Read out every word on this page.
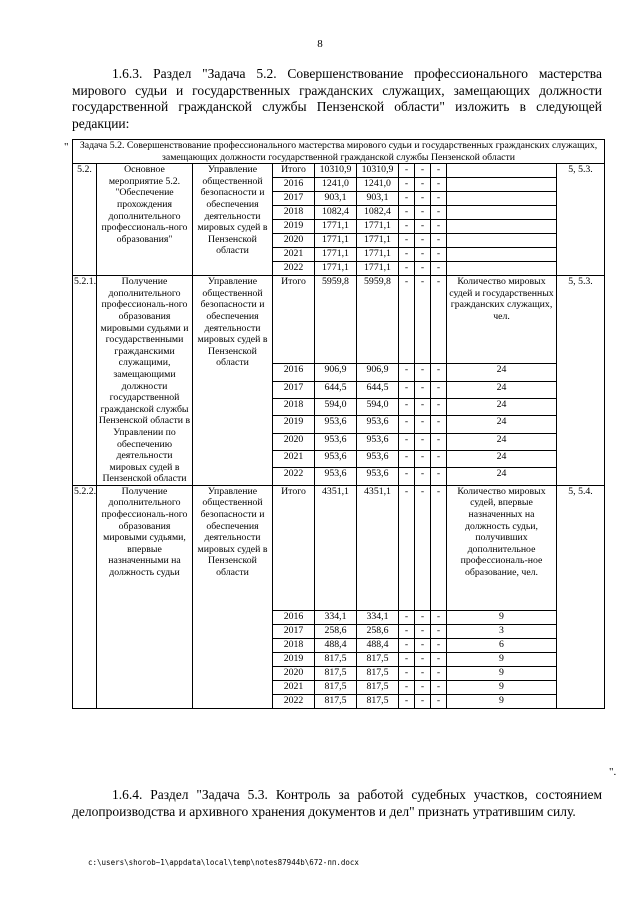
8
1.6.3. Раздел "Задача 5.2. Совершенствование профессионального мастерства мирового судьи и государственных гражданских служащих, замещающих должности государственной гражданской службы Пензенской области" изложить в следующей редакции:
" Задача 5.2. Совершенствование профессионального мастерства мирового судьи и государственных гражданских служащих, замещающих должности государственной гражданской службы Пензенской области										
5.2.	Основное мероприятие 5.2. "Обеспечение прохождения дополнительного профессиональ-ного образования"	Управление общественной безопасности и обеспечения деятельности мировых судей в Пензенской области	Итого	10310,9	10310,9	-	-	-		5, 5.3.
			2016	1241,0	1241,0	-	-	-		
			2017	903,1	903,1	-	-	-		
			2018	1082,4	1082,4	-	-	-		
			2019	1771,1	1771,1	-	-	-		
			2020	1771,1	1771,1	-	-	-		
			2021	1771,1	1771,1	-	-	-		
			2022	1771,1	1771,1	-	-	-		
5.2.1.	Получение дополнительного профессиональ-ного образования мировыми судьями и государственными гражданскими служащими, замещающими должности государственной гражданской службы Пензенской области в Управлении по обеспечению деятельности мировых судей в Пензенской области	Управление общественной безопасности и обеспечения деятельности мировых судей в Пензенской области	Итого	5959,8	5959,8	-	-	-	Количество мировых судей и государственных гражданских служащих, чел.	5, 5.3.
			2016	906,9	906,9	-	-	-	24	
			2017	644,5	644,5	-	-	-	24	
			2018	594,0	594,0	-	-	-	24	
			2019	953,6	953,6	-	-	-	24	
			2020	953,6	953,6	-	-	-	24	
			2021	953,6	953,6	-	-	-	24	
			2022	953,6	953,6	-	-	-	24	
5.2.2.	Получение дополнительного профессиональ-ного образования мировыми судьями, впервые назначенными на должность судьи	Управление общественной безопасности и обеспечения деятельности мировых судей в Пензенской области	Итого	4351,1	4351,1	-	-	-	Количество мировых судей, впервые назначенных на должность судьи, получивших дополнительное профессиональ-ное образование, чел.	5, 5.4.
			2016	334,1	334,1	-	-	-	9	
			2017	258,6	258,6	-	-	-	3	
			2018	488,4	488,4	-	-	-	6	
			2019	817,5	817,5	-	-	-	9	
			2020	817,5	817,5	-	-	-	9	
			2021	817,5	817,5	-	-	-	9	
			2022	817,5	817,5	-	-	-	9	
".
1.6.4. Раздел "Задача 5.3. Контроль за работой судебных участков, состоянием делопроизводства и архивного хранения документов и дел" признать утратившим силу.
c:\users\shorob~1\appdata\local\temp\notes87944b\672-пп.docx
